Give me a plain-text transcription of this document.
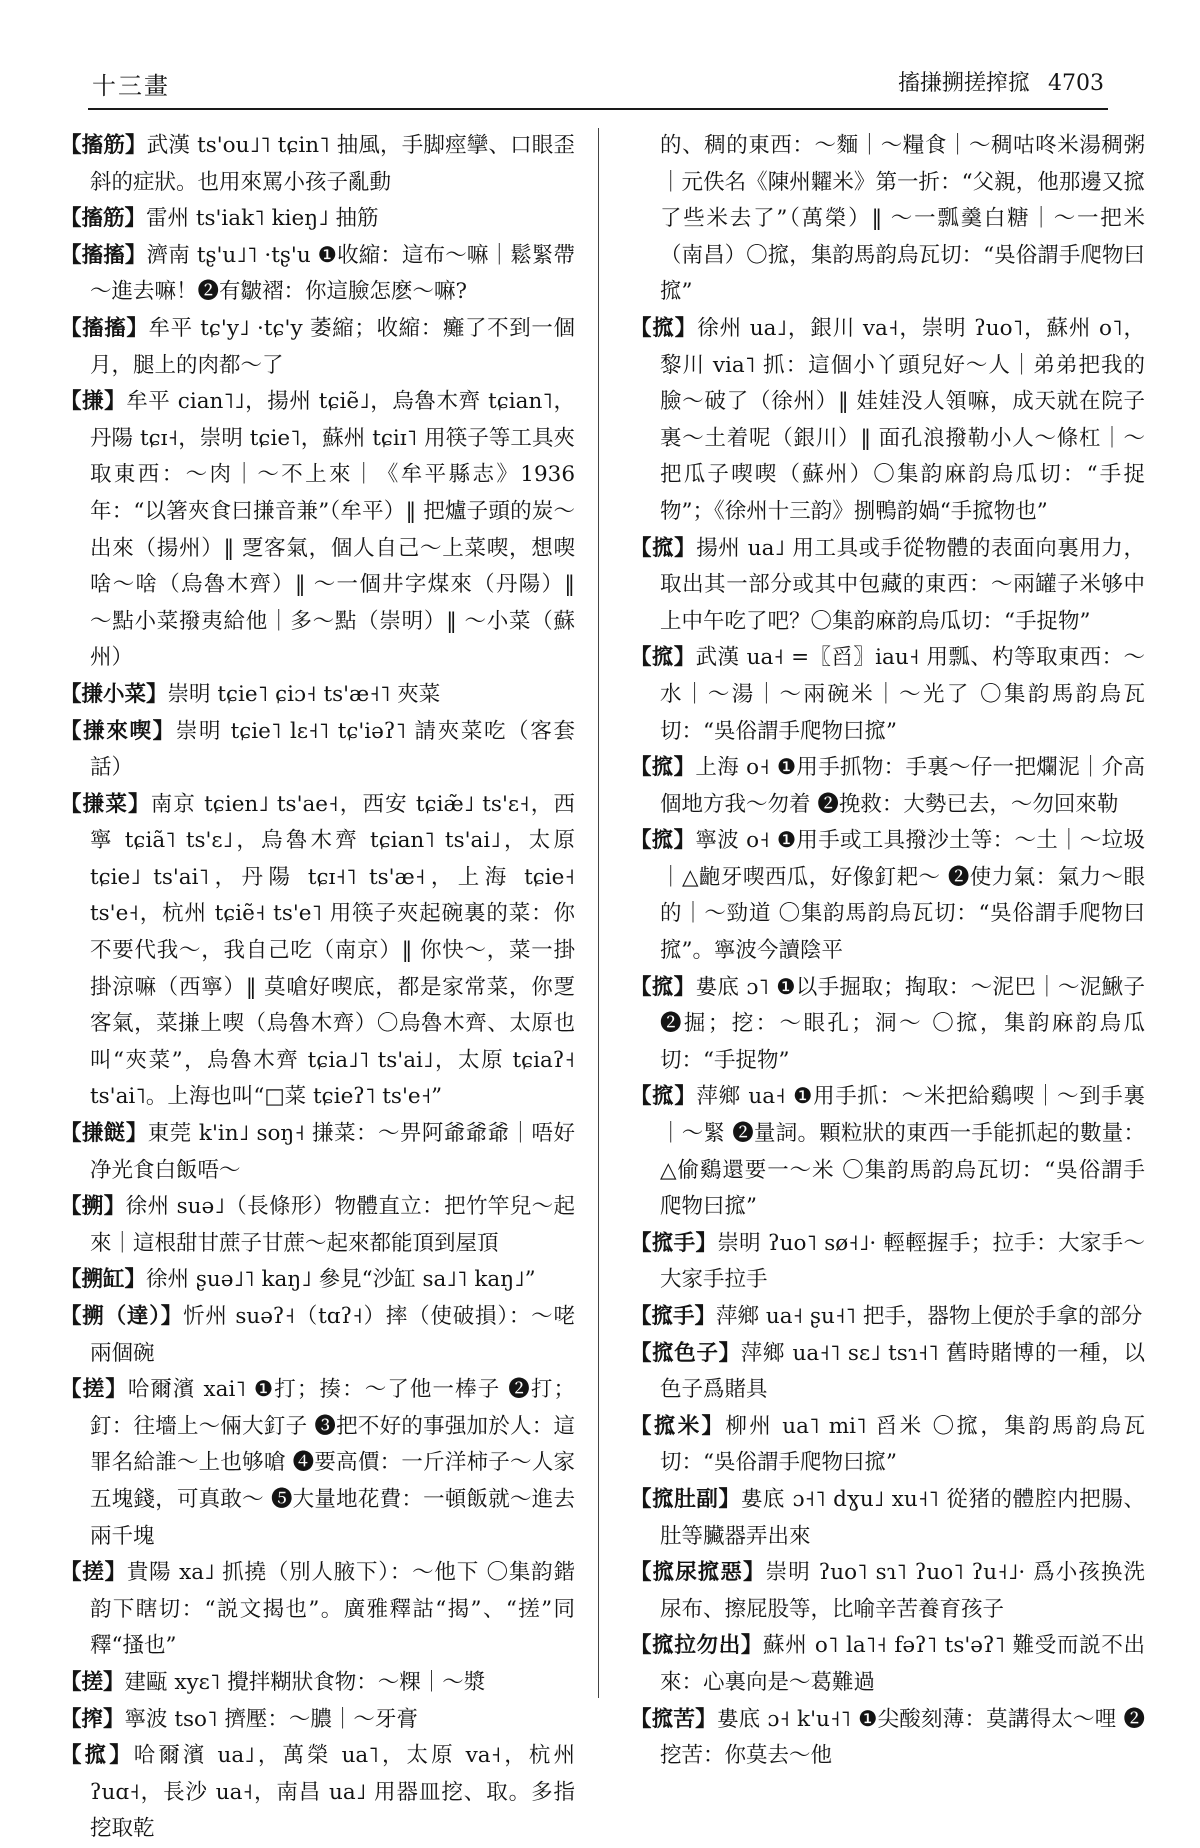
十三畫	搐搛搠搓搾搲 4703

【搐筋】武漢 ts'ou˩˥ tɕin˥ 抽風，手脚痙攣、口眼歪斜的症狀。也用來罵小孩子亂動

【搐筋】雷州 ts'iak˥ kieŋ˩ 抽筋

【搐搐】濟南 tʂ'u˩˥ ·tʂ'u ❶收縮：這布～嘛｜鬆緊帶～進去嘛！❷有皺褶：你這臉怎麽～嘛?

【搐搐】牟平 tɕ'y˩ ·tɕ'y 萎縮；收縮：癱了不到一個月，腿上的肉都～了

【搛】牟平 cian˥˩，揚州 tɕiẽ˩，烏魯木齊 tɕian˥，丹陽 tɕɪ˧，崇明 tɕie˥，蘇州 tɕiɪ˥ 用筷子等工具夾取東西：～肉｜～不上來｜《牟平縣志》1936年：“以箸夾食曰搛音兼”（牟平）‖ 把爐子頭的炭～出來（揚州）‖ 覂客氣，個人自己～上菜喫，想喫啥～啥（烏魯木齊）‖ ～一個井字煤來（丹陽）‖ ～點小菜撥夷給他｜多～點（崇明）‖ ～小菜（蘇州）

【搛小菜】崇明 tɕie˥ ɕiɔ˧ ts'æ˧˥ 夾菜

【搛來喫】崇明 tɕie˥ lɛ˧˥ tɕ'iəʔ˥ 請夾菜吃（客套話）

【搛菜】南京 tɕien˩ ts'ae˧，西安 tɕiæ̃˩ ts'ɛ˧，西寧 tɕiã˥ ts'ɛ˩，烏魯木齊 tɕian˥ ts'ai˩，太原 tɕie˩ ts'ai˥，丹陽 tɕɪ˧˥ ts'æ˧，上海 tɕie˧ ts'e˧，杭州 tɕiẽ˧ ts'e˥ 用筷子夾起碗裏的菜：你不要代我～，我自己吃（南京）‖ 你快～，菜一掛掛涼嘛（西寧）‖ 莫嗆好喫底，都是家常菜，你覂客氣，菜搛上喫（烏魯木齊）〇烏魯木齊、太原也叫“夾菜”，烏魯木齊 tɕia˩˥ ts'ai˩，太原 tɕiaʔ˧ ts'ai˥。上海也叫“□菜 tɕieʔ˥ ts'e˧”

【搛餸】東莞 k'in˩ soŋ˧ 搛菜：～畀阿爺爺爺｜唔好净光食白飯唔～

【搠】徐州 suə˩（長條形）物體直立：把竹竿兒～起來｜這根甜甘蔗子甘蔗～起來都能頂到屋頂

【搠缸】徐州 ʂuə˩˥ kaŋ˩ 參見“沙缸 sa˩˥ kaŋ˩”

【搠（達）】忻州 suəʔ˧（tɑʔ˧）摔（使破損）：～咾兩個碗

【搓】哈爾濱 xai˥ ❶打；揍：～了他一棒子 ❷打；釘：往墻上～倆大釘子 ❸把不好的事强加於人：這罪名給誰～上也够嗆 ❹要高價：一斤洋柿子～人家五塊錢，可真敢～ ❺大量地花費：一頓飯就～進去兩千塊

【搓】貴陽 xa˩ 抓撓（別人腋下）：～他下 〇集韵鍇韵下瞎切：“説文揭也”。廣雅釋詁“揭”、“搓”同釋“搔也”

【搓】建甌 xyɛ˥ 攪拌糊狀食物：～粿｜～漿

【搾】寧波 tso˥ 擠壓：～膿｜～牙膏

【搲】哈爾濱 ua˩，萬榮 ua˥，太原 va˧，杭州 ʔuɑ˧，長沙 ua˧，南昌 ua˩ 用器皿挖、取。多指挖取乾

的、稠的東西：～麵｜～糧食｜～稠咕咚米湯稠粥｜元佚名《陳州糶米》第一折：“父親，他那邊又搲了些米去了”（萬榮）‖ ～一瓢羹白糖｜～一把米（南昌）〇搲，集韵馬韵烏瓦切：“吳俗謂手爬物曰搲”

【搲】徐州 ua˩，銀川 va˧，崇明 ʔuo˥，蘇州 o˥，黎川 via˥ 抓：這個小丫頭兒好～人｜弟弟把我的臉～破了（徐州）‖ 娃娃没人領嘛，成天就在院子裏～土着呢（銀川）‖ 面孔浪撥勒小人～條杠｜～把瓜子喫喫（蘇州）〇集韵麻韵烏瓜切：“手捉物”；《徐州十三韵》捌鴨韵媧“手搲物也”

【搲】揚州 ua˩ 用工具或手從物體的表面向裏用力，取出其一部分或其中包藏的東西：～兩罐子米够中上中午吃了吧？〇集韵麻韵烏瓜切：“手捉物”

【搲】武漢 ua˧ =〖舀〗iau˧ 用瓢、杓等取東西：～水｜～湯｜～兩碗米｜～光了 〇集韵馬韵烏瓦切：“吳俗謂手爬物曰搲”

【搲】上海 o˧ ❶用手抓物：手裏～仔一把爛泥｜介高個地方我～勿着 ❷挽救：大勢已去，～勿回來勒

【搲】寧波 o˧ ❶用手或工具撥沙土等：～土｜～垃圾｜△齙牙喫西瓜，好像釘耙～ ❷使力氣：氣力～眼的｜～勁道 〇集韵馬韵烏瓦切：“吳俗謂手爬物曰搲”。寧波今讀陰平

【搲】婁底 ɔ˥ ❶以手掘取；掏取：～泥巴｜～泥鰍子 ❷掘；挖：～眼孔；洞～ 〇搲，集韵麻韵烏瓜切：“手捉物”

【搲】萍鄉 ua˧ ❶用手抓：～米把給鷄喫｜～到手裏｜～緊 ❷量詞。顆粒狀的東西一手能抓起的數量：△偷鷄還要一～米 〇集韵馬韵烏瓦切：“吳俗謂手爬物曰搲”

【搲手】崇明 ʔuo˥ sø˧˩· 輕輕握手；拉手：大家手～大家手拉手

【搲手】萍鄉 ua˧ ʂu˧˥ 把手，器物上便於手拿的部分

【搲色子】萍鄉 ua˧˥ sɛ˩ tsɿ˧˥ 舊時賭博的一種，以色子爲賭具

【搲米】柳州 ua˥ mi˥ 舀米 〇搲，集韵馬韵烏瓦切：“吳俗謂手爬物曰搲”

【搲肚副】婁底 ɔ˧˥ dɣu˩ xu˧˥ 從猪的體腔内把腸、肚等臟器弄出來

【搲尿搲惡】崇明 ʔuo˥ sɿ˥ ʔuo˥ ʔu˧˩· 爲小孩换洗尿布、擦屁股等，比喻辛苦養育孩子

【搲拉勿出】蘇州 o˥ la˥˧ fəʔ˥ ts'əʔ˥ 難受而説不出來：心裏向是～葛難過

【搲苦】婁底 ɔ˧ k'u˧˥ ❶尖酸刻薄：莫講得太～哩 ❷挖苦：你莫去～他
